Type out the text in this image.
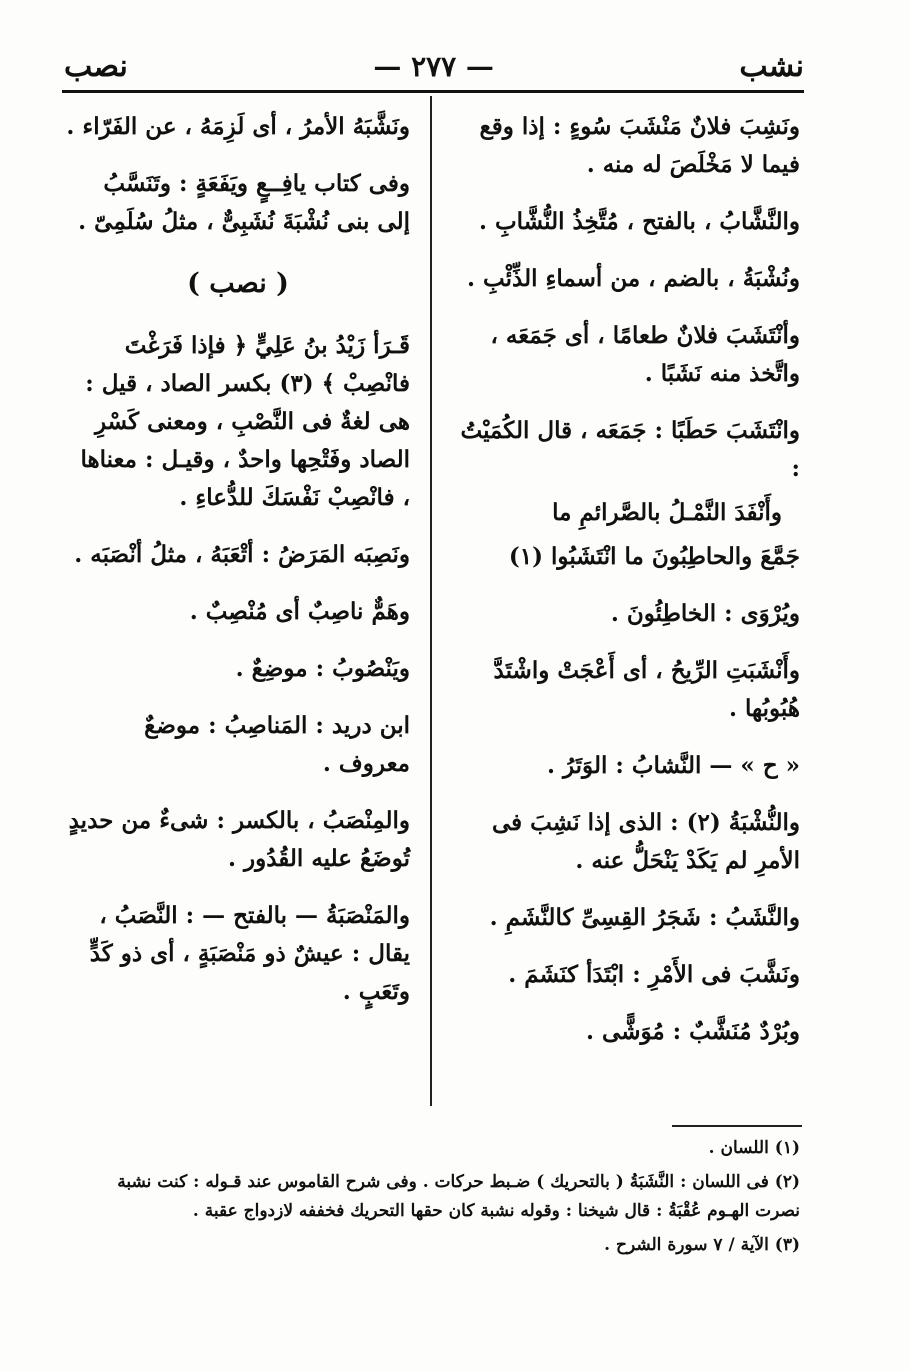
نشب
— ٢٧٧ —
نصب

ونَشِبَ فلانٌ مَنْشَبَ سُوءٍ : إذا وقع فيما لا مَخْلَصَ له منه .

والنَّشَّابُ ، بالفتح ، مُتَّخِذُ النُّشَّابِ .

ونُشْبَةُ ، بالضم ، من أسماءِ الذِّئْبِ .

وأنْتَشَبَ فلانٌ طعامًا ، أى جَمَعَه ، واتَّخذ منه نَشَبًا .

وانْتَشَبَ حَطَبًا : جَمَعَه ، قال الكُمَيْتُ :

وأَنْفَدَ النَّمْـلُ بالصَّرائمِ ما

جَمَّعَ والحاطِبُونَ ما انْتَشَبُوا (١)

ويُرْوَى : الخاطِئُونَ .

وأَنْشَبَتِ الرِّيحُ ، أى أَعْجَتْ واشْتَدَّ هُبُوبُها .

« ح » — النَّشابُ : الوَتَرُ .

والنُّشْبَةُ (٢) : الذى إذا نَشِبَ فى الأمرِ لم يَكَدْ يَنْحَلُّ عنه .

والنَّشَبُ : شَجَرُ القِسِىِّ كالنَّشَمِ .

ونَشَّبَ فى الأَمْرِ : ابْتَدَأ كنَشَمَ .

وبُرْدٌ مُنَشَّبٌ : مُوَشًّى .

ونَشَّبَهُ الأمرُ ، أى لَزِمَهُ ، عن الفَرّاء .

وفى كتاب يافِــعٍ ويَفَعَةٍ : وتَنَسَّبُ إلى بنى نُشْبَةَ نُشَبِىٌّ ، مثلُ سُلَمِىّ .

( نصب )

قَـرَأ زَيْدُ بنُ عَلِيٍّ ﴿ فإذا فَرَغْتَ فانْصِبْ ﴾ (٣) بكسر الصاد ، قيل : هى لغةٌ فى النَّصْبِ ، ومعنى كَسْرِ الصاد وفَتْحِها واحدٌ ، وقيـل : معناها ، فانْصِبْ نَفْسَكَ للدُّعاءِ .

ونَصِبَه المَرَضُ : أتْعَبَهُ ، مثلُ أنْصَبَه .

وهَمٌّ ناصِبٌ أى مُنْصِبٌ .

ويَنْصُوبُ : موضِعٌ .

ابن دريد : المَناصِبُ : موضعٌ معروف .

والمِنْصَبُ ، بالكسر : شىءٌ من حديدٍ تُوضَعُ عليه القُدُور .

والمَنْصَبَةُ — بالفتح — : النَّصَبُ ، يقال : عيشٌ ذو مَنْصَبَةٍ ، أى ذو كَدٍّ وتَعَبٍ .

(١) اللسان .

(٢) فى اللسان : النَّشَبَةُ ( بالتحريك ) ضـبط حركات . وفى شرح القاموس عند قـوله : كنت نشبة نصرت الهـوم عُقْبَةُ : قال شيخنا : وقوله نشبة كان حقها التحريك فخففه لازدواج عقبة .

(٣) الآية / ٧ سورة الشرح .
